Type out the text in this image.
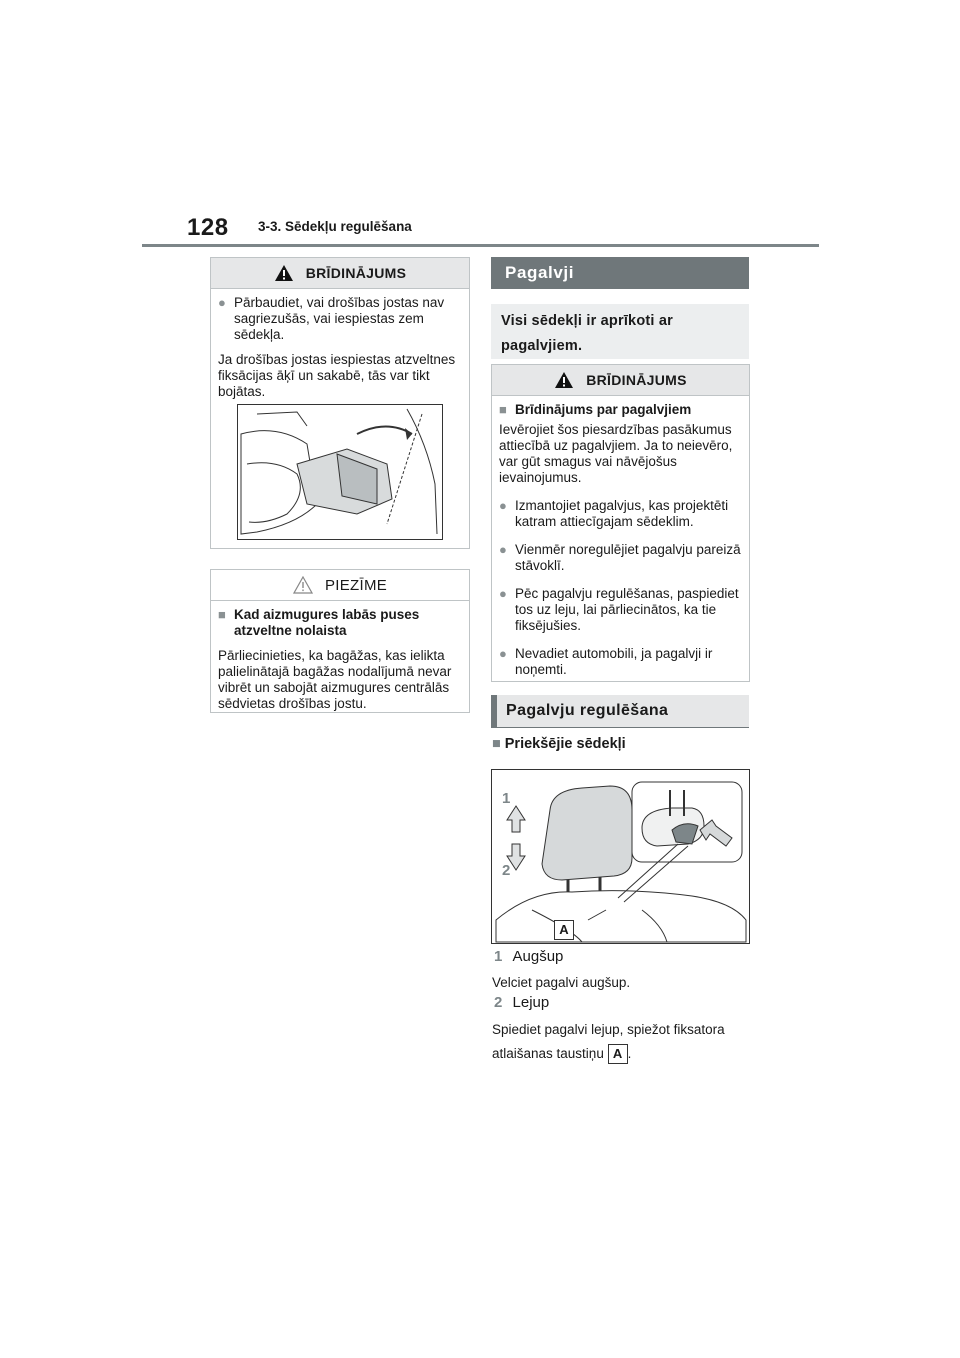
128 3-3. Sēdekļu regulēšana
BRĪDINĀJUMS
● Pārbaudiet, vai drošības jostas nav sagriezušās, vai iespiestas zem sēdekļa.
Ja drošības jostas iespiestas atzveltnes fiksācijas āķī un sakabē, tās var tikt bojātas.
PIEZĪME
■ Kad aizmugures labās puses atzveltne nolaista
Pārliecinieties, ka bagāžas, kas ielikta palielinātajā bagāžas nodalījumā nevar vibrēt un sabojāt aizmugures centrālās sēdvietas drošības jostu.
Pagalvji
Visi sēdekļi ir aprīkoti ar pagalvjiem.
BRĪDINĀJUMS
■ Brīdinājums par pagalvjiem
Ievērojiet šos piesardzības pasākumus attiecībā uz pagalvjiem. Ja to neievēro, var gūt smagus vai nāvējošus ievainojumus.
● Izmantojiet pagalvjus, kas projektēti katram attiecīgajam sēdeklim.
● Vienmēr noregulējiet pagalvju pareizā stāvoklī.
● Pēc pagalvju regulēšanas, paspiediet tos uz leju, lai pārliecinātos, ka tie fiksējušies.
● Nevadiet automobili, ja pagalvji ir noņemti.
Pagalvju regulēšana
■ Priekšējie sēdekļi
1
2
A
1 Augšup
Velciet pagalvi augšup.
2 Lejup
Spiediet pagalvi lejup, spiežot fiksatora atlaišanas taustiņu A .
